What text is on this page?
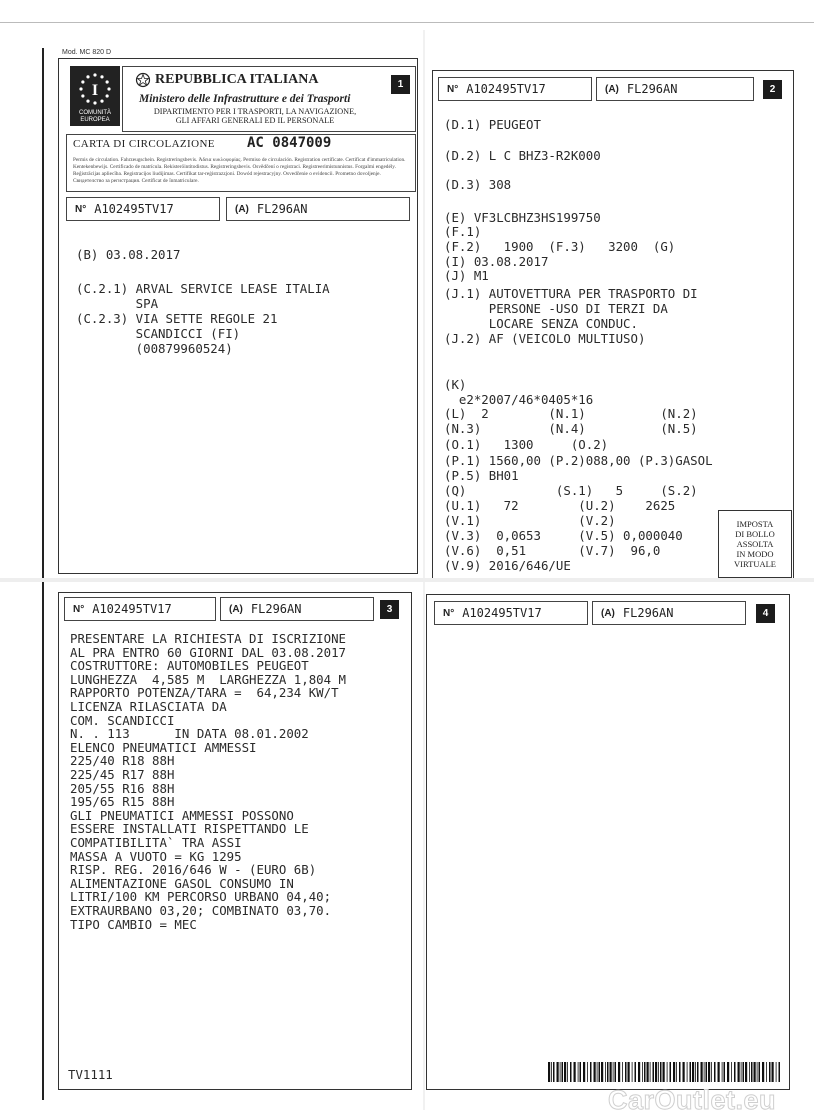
Mod. MC 820 D
I
COMUNITÀ
EUROPEA
REPUBBLICA ITALIANA
Ministero delle Infrastrutture e dei Trasporti
DIPARTIMENTO PER I TRASPORTI, LA NAVIGAZIONE,
GLI AFFARI GENERALI ED IL PERSONALE
1
CARTA DI CIRCOLAZIONE AC 0847009
Permis de circulation. Fahrzeugschein. Registreringsbevis. Άδεια κυκλοφορίας. Permiso de circulación. Registration certificate. Certificat d'immatriculation. Kentekenbewijs. Certificado de matrícula. Rekisteröintitodistus. Registreringsbevis. Osvědčení o registraci. Registreerimistunnistus. Forgalmi engedély. Reģistrācijas apliecība. Registracijos liudijimas. Certifikat tar-reġistrazzjoni. Dowód rejestracyjny. Osvedčenie o evidencii. Prometno dovoljenje. Свидетелство за регистрация. Certificat de înmatriculare.
N° A102495TV17	(A) FL296AN
(B) 03.08.2017
(C.2.1) ARVAL SERVICE LEASE ITALIA
SPA
(C.2.3) VIA SETTE REGOLE 21
SCANDICCI (FI)
(00879960524)
N° A102495TV17	(A) FL296AN	2
(D.1) PEUGEOT
(D.2) L C BHZ3-R2K000
(D.3) 308
(E) VF3LCBHZ3HS199750
(F.1)
(F.2)   1900  (F.3)   3200  (G)
(I) 03.08.2017
(J) M1
(J.1) AUTOVETTURA PER TRASPORTO DI
PERSONE -USO DI TERZI DA
LOCARE SENZA CONDUC.
(J.2) AF (VEICOLO MULTIUSO)
(K)
e2*2007/46*0405*16
(L)  2        (N.1)          (N.2)
(N.3)         (N.4)          (N.5)
(O.1)   1300     (O.2)
(P.1) 1560,00 (P.2)088,00 (P.3)GASOL
(P.5) BH01
(Q)            (S.1)   5     (S.2)
(U.1)   72        (U.2)    2625
(V.1)             (V.2)
(V.3)  0,0653     (V.5) 0,000040
(V.6)  0,51       (V.7)  96,0
(V.9) 2016/646/UE
IMPOSTA
DI BOLLO
ASSOLTA
IN MODO
VIRTUALE
N° A102495TV17	(A) FL296AN	3
PRESENTARE LA RICHIESTA DI ISCRIZIONE
AL PRA ENTRO 60 GIORNI DAL 03.08.2017
COSTRUTTORE: AUTOMOBILES PEUGEOT
LUNGHEZZA  4,585 M  LARGHEZZA 1,804 M
RAPPORTO POTENZA/TARA =  64,234 KW/T
LICENZA RILASCIATA DA
COM. SCANDICCI
N. . 113      IN DATA 08.01.2002
ELENCO PNEUMATICI AMMESSI
225/40 R18 88H
225/45 R17 88H
205/55 R16 88H
195/65 R15 88H
GLI PNEUMATICI AMMESSI POSSONO
ESSERE INSTALLATI RISPETTANDO LE
COMPATIBILITA` TRA ASSI
MASSA A VUOTO = KG 1295
RISP. REG. 2016/646 W - (EURO 6B)
ALIMENTAZIONE GASOL CONSUMO IN
LITRI/100 KM PERCORSO URBANO 04,40;
EXTRAURBANO 03,20; COMBINATO 03,70.
TIPO CAMBIO = MEC
TV1111
N° A102495TV17	(A) FL296AN	4
CarOutlet.eu
